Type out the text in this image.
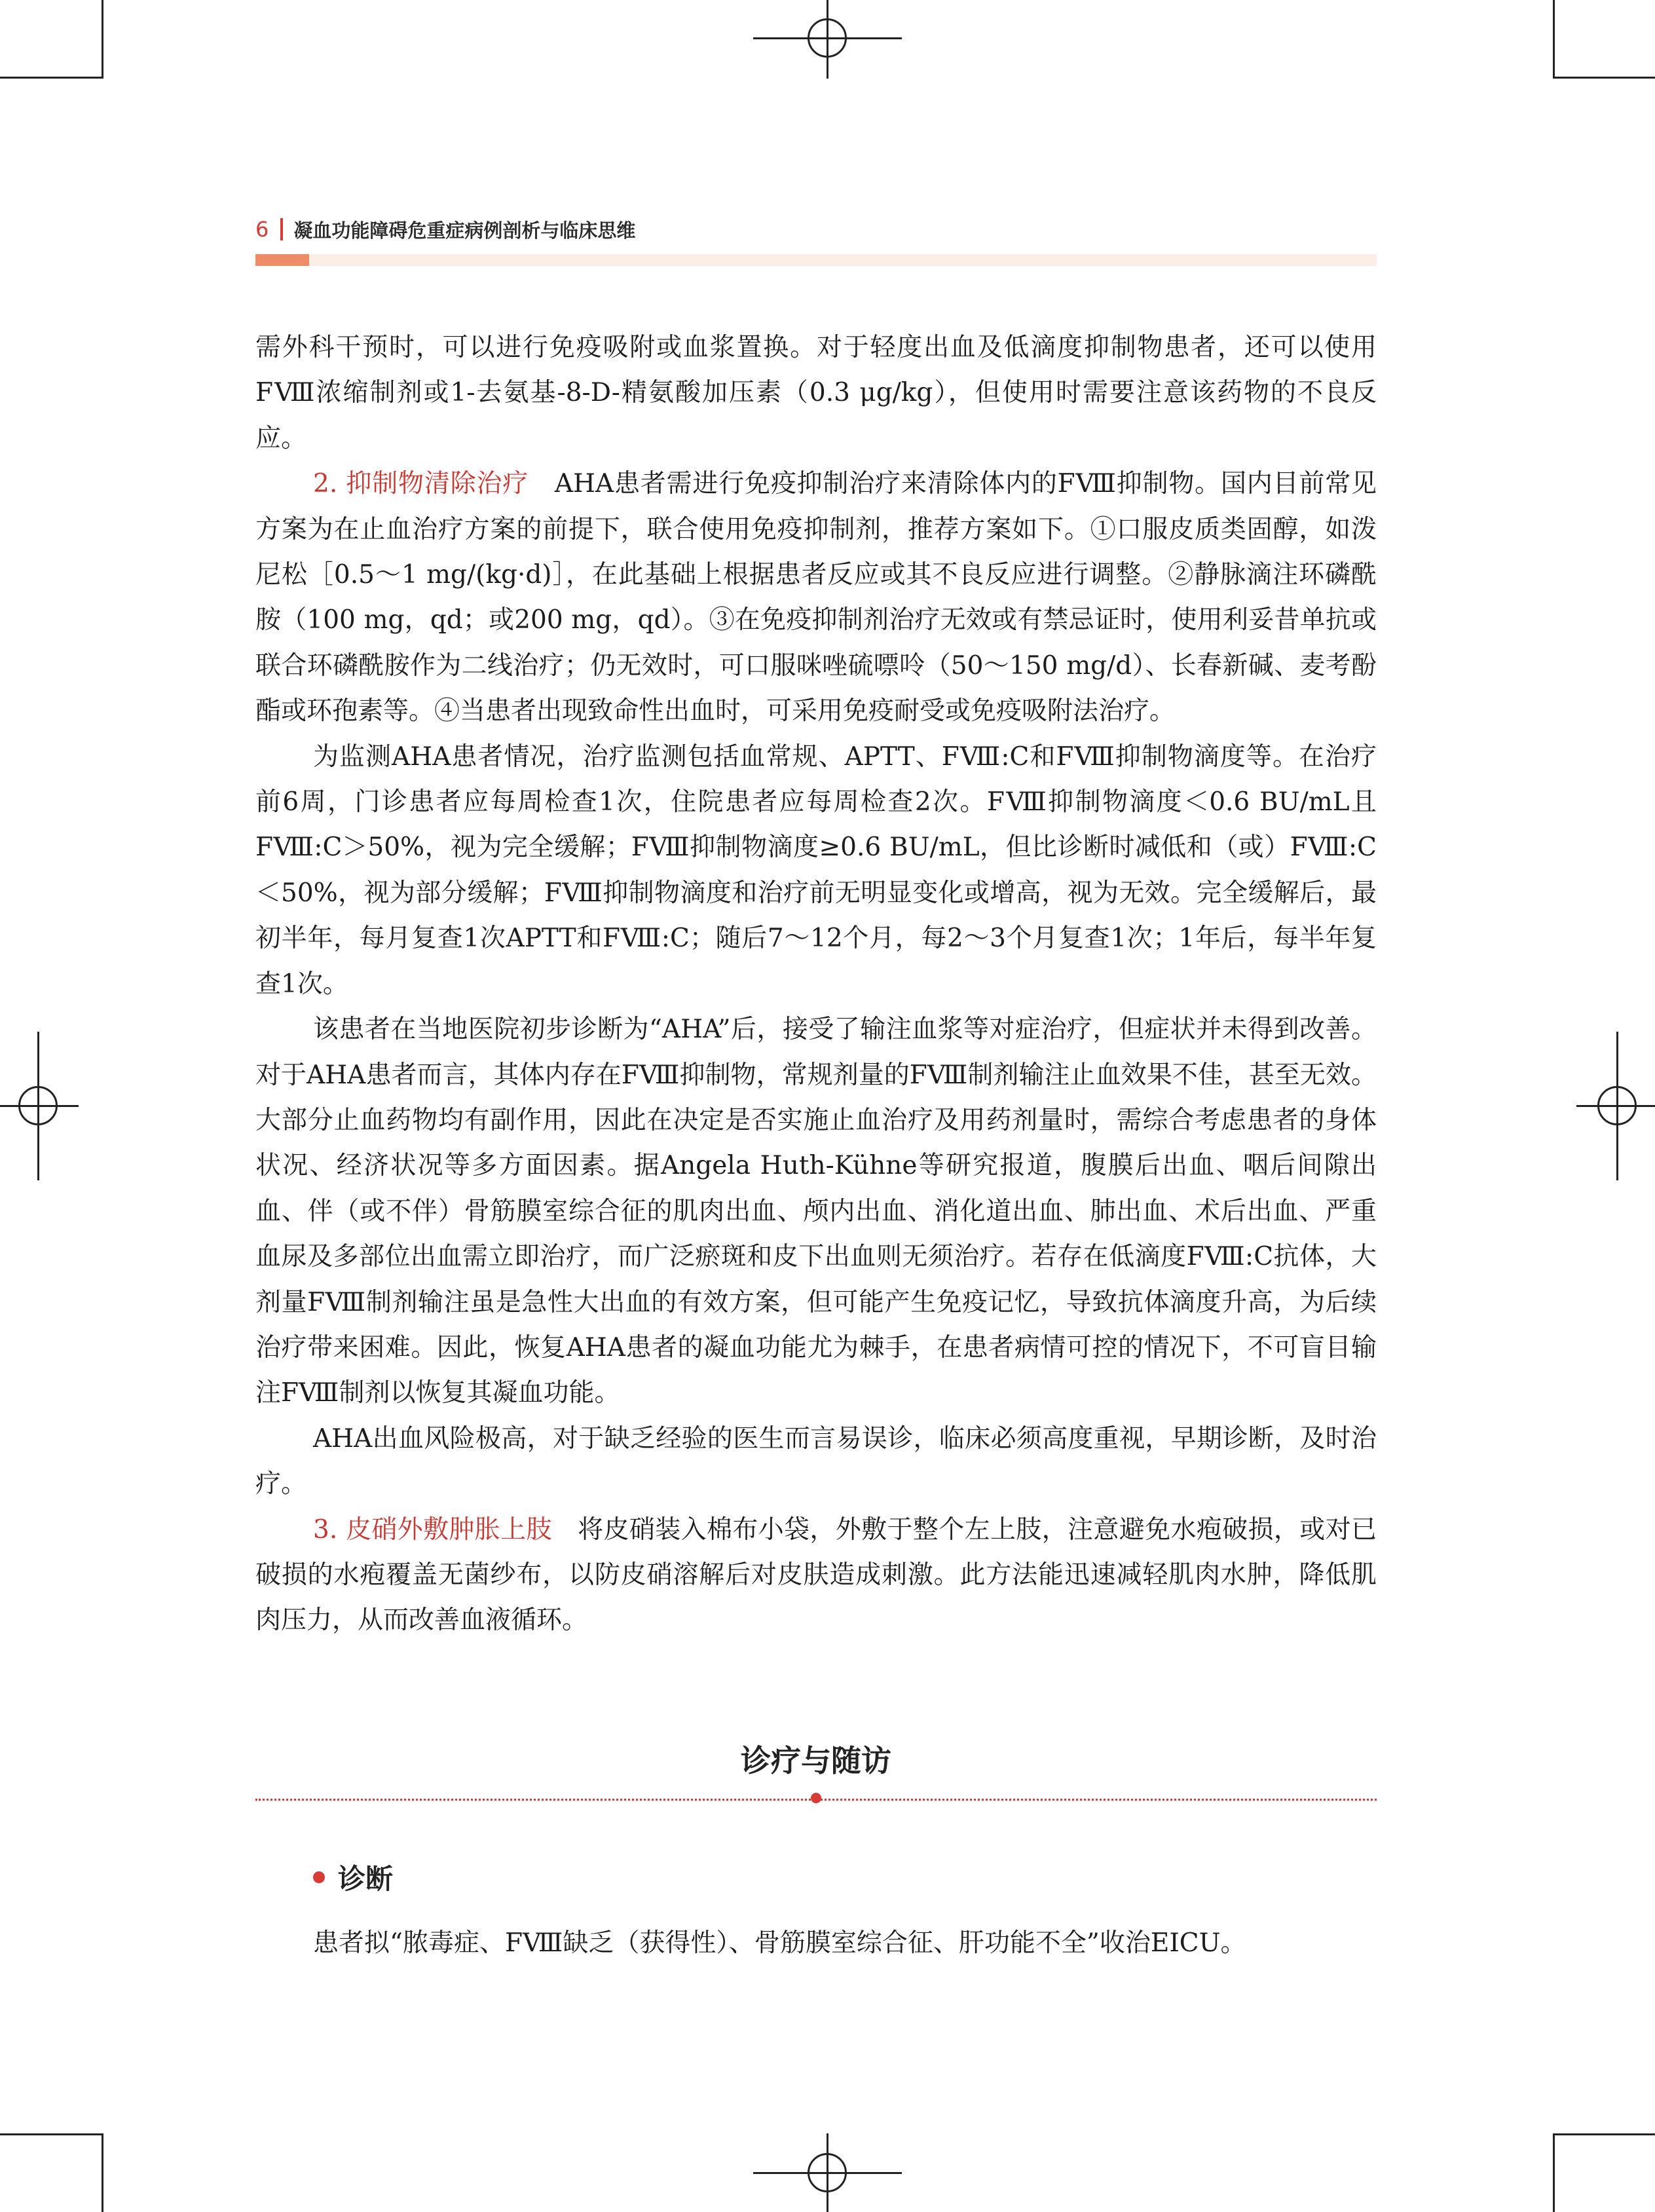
6 凝血功能障碍危重症病例剖析与临床思维

需外科干预时，可以进行免疫吸附或血浆置换。对于轻度出血及低滴度抑制物患者，还可以使用FⅧ浓缩制剂或1-去氨基-8-D-精氨酸加压素（0.3 μg/kg），但使用时需要注意该药物的不良反应。

2. 抑制物清除治疗　 AHA患者需进行免疫抑制治疗来清除体内的FⅧ抑制物。国内目前常见方案为在止血治疗方案的前提下，联合使用免疫抑制剂，推荐方案如下。①口服皮质类固醇，如泼尼松［0.5～1 mg/(kg·d)］，在此基础上根据患者反应或其不良反应进行调整。②静脉滴注环磷酰胺（100 mg，qd；或200 mg，qd）。③在免疫抑制剂治疗无效或有禁忌证时，使用利妥昔单抗或联合环磷酰胺作为二线治疗；仍无效时，可口服咪唑硫嘌呤（50～150 mg/d）、长春新碱、麦考酚酯或环孢素等。④当患者出现致命性出血时，可采用免疫耐受或免疫吸附法治疗。

为监测AHA患者情况，治疗监测包括血常规、APTT、FⅧ:C和FⅧ抑制物滴度等。在治疗前6周，门诊患者应每周检查1次，住院患者应每周检查2次。FⅧ抑制物滴度＜0.6 BU/mL且FⅧ:C＞50%，视为完全缓解；FⅧ抑制物滴度≥0.6 BU/mL，但比诊断时减低和（或）FⅧ:C＜50%，视为部分缓解；FⅧ抑制物滴度和治疗前无明显变化或增高，视为无效。完全缓解后，最初半年，每月复查1次APTT和FⅧ:C；随后7～12个月，每2～3个月复查1次；1年后，每半年复查1次。

该患者在当地医院初步诊断为“AHA”后，接受了输注血浆等对症治疗，但症状并未得到改善。对于AHA患者而言，其体内存在FⅧ抑制物，常规剂量的FⅧ制剂输注止血效果不佳，甚至无效。大部分止血药物均有副作用，因此在决定是否实施止血治疗及用药剂量时，需综合考虑患者的身体状况、经济状况等多方面因素。据Angela Huth-Kühne等研究报道，腹膜后出血、咽后间隙出血、伴（或不伴）骨筋膜室综合征的肌肉出血、颅内出血、消化道出血、肺出血、术后出血、严重血尿及多部位出血需立即治疗，而广泛瘀斑和皮下出血则无须治疗。若存在低滴度FⅧ:C抗体，大剂量FⅧ制剂输注虽是急性大出血的有效方案，但可能产生免疫记忆，导致抗体滴度升高，为后续治疗带来困难。因此，恢复AHA患者的凝血功能尤为棘手，在患者病情可控的情况下，不可盲目输注FⅧ制剂以恢复其凝血功能。

AHA出血风险极高，对于缺乏经验的医生而言易误诊，临床必须高度重视，早期诊断，及时治疗。

3. 皮硝外敷肿胀上肢　 将皮硝装入棉布小袋，外敷于整个左上肢，注意避免水疱破损，或对已破损的水疱覆盖无菌纱布，以防皮硝溶解后对皮肤造成刺激。此方法能迅速减轻肌肉水肿，降低肌肉压力，从而改善血液循环。

诊疗与随访
诊断

患者拟“脓毒症、FⅧ缺乏（获得性）、骨筋膜室综合征、肝功能不全”收治EICU。
